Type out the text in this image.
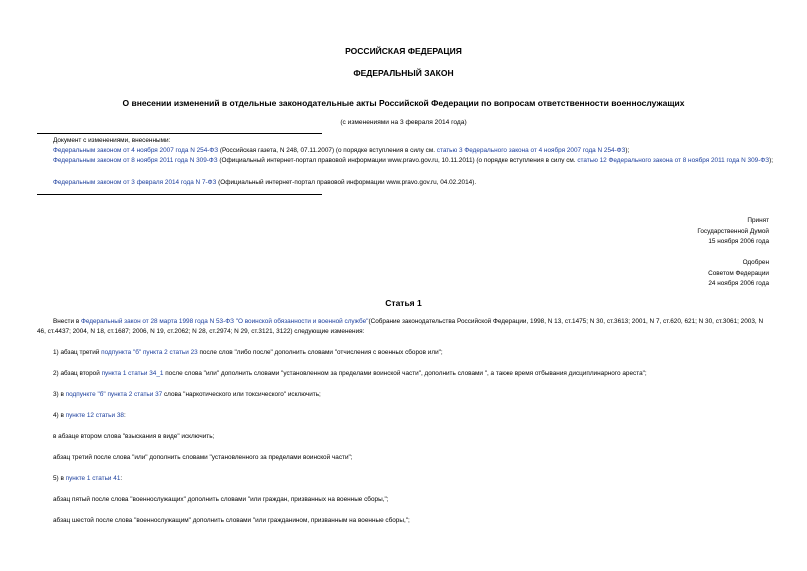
РОССИЙСКАЯ ФЕДЕРАЦИЯ
ФЕДЕРАЛЬНЫЙ ЗАКОН
О внесении изменений в отдельные законодательные акты Российской Федерации по вопросам ответственности военнослужащих
(с изменениями на 3 февраля 2014 года)
Документ с изменениями, внесенными:
Федеральным законом от 4 ноября 2007 года N 254-ФЗ (Российская газета, N 248, 07.11.2007) (о порядке вступления в силу см. статью 3 Федерального закона от 4 ноября 2007 года N 254-ФЗ);
Федеральным законом от 8 ноября 2011 года N 309-ФЗ (Официальный интернет-портал правовой информации www.pravo.gov.ru, 10.11.2011) (о порядке вступления в силу см. статью 12 Федерального закона от 8 ноября 2011 года N 309-ФЗ);
Федеральным законом от 3 февраля 2014 года N 7-ФЗ (Официальный интернет-портал правовой информации www.pravo.gov.ru, 04.02.2014).
Принят
Государственной Думой
15 ноября 2006 года
Одобрен
Советом Федерации
24 ноября 2006 года
Статья 1
Внести в Федеральный закон от 28 марта 1998 года N 53-ФЗ "О воинской обязанности и военной службе"(Собрание законодательства Российской Федерации, 1998, N 13, ст.1475; N 30, ст.3613; 2001, N 7, ст.620, 621; N 30, ст.3061; 2003, N 46, ст.4437; 2004, N 18, ст.1687; 2006, N 19, ст.2062; N 28, ст.2974; N 29, ст.3121, 3122) следующие изменения:
1) абзац третий подпункта "б" пункта 2 статьи 23 после слов "либо после" дополнить словами "отчисления с военных сборов или";
2) абзац второй пункта 1 статьи 34_1 после слова "или" дополнить словами "установленном за пределами воинской части", дополнить словами ", а также время отбывания дисциплинарного ареста";
3) в подпункте "б" пункта 2 статьи 37 слова "наркотического или токсического" исключить;
4) в пункте 12 статьи 38:
в абзаце втором слова "взыскания в виде" исключить;
абзац третий после слова "или" дополнить словами "установленного за пределами воинской части";
5) в пункте 1 статьи 41:
абзац пятый после слова "военнослужащих" дополнить словами "или граждан, призванных на военные сборы,";
абзац шестой после слова "военнослужащим" дополнить словами "или гражданином, призванным на военные сборы,";
